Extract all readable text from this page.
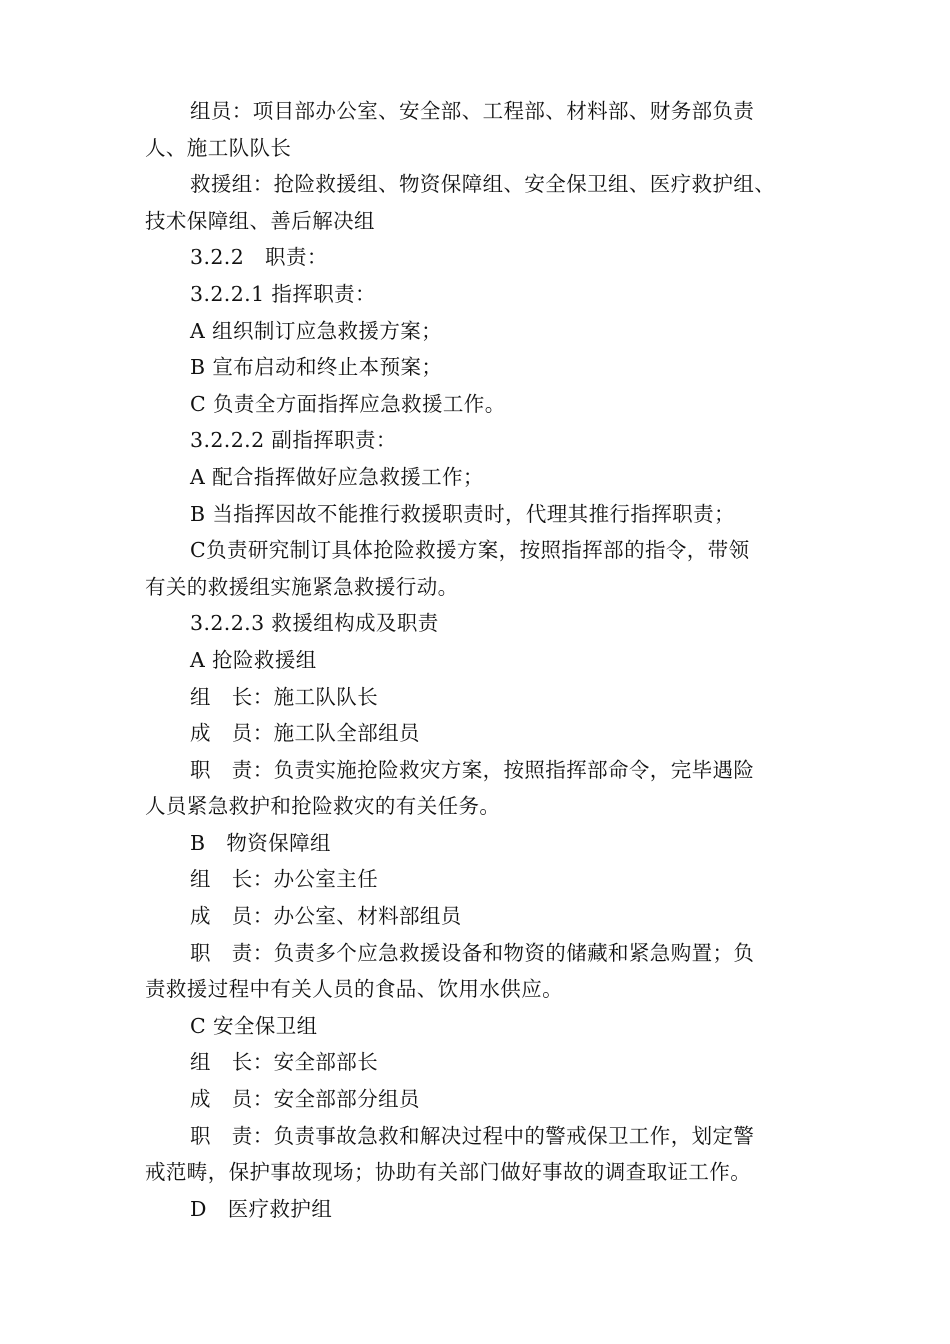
组员：项目部办公室、安全部、工程部、材料部、财务部负责
人、施工队队长
救援组：抢险救援组、物资保障组、安全保卫组、医疗救护组、
技术保障组、善后解决组
3.2.2　职责：
3.2.2.1 指挥职责：
A 组织制订应急救援方案；
B 宣布启动和终止本预案；
C 负责全方面指挥应急救援工作。
3.2.2.2 副指挥职责：
A 配合指挥做好应急救援工作；
B 当指挥因故不能推行救援职责时，代理其推行指挥职责；
C负责研究制订具体抢险救援方案，按照指挥部的指令，带领
有关的救援组实施紧急救援行动。
3.2.2.3 救援组构成及职责
A 抢险救援组
组　长：施工队队长
成　员：施工队全部组员
职　责：负责实施抢险救灾方案，按照指挥部命令，完毕遇险
人员紧急救护和抢险救灾的有关任务。
B　物资保障组
组　长：办公室主任
成　员：办公室、材料部组员
职　责：负责多个应急救援设备和物资的储藏和紧急购置；负
责救援过程中有关人员的食品、饮用水供应。
C 安全保卫组
组　长：安全部部长
成　员：安全部部分组员
职　责：负责事故急救和解决过程中的警戒保卫工作，划定警
戒范畴，保护事故现场；协助有关部门做好事故的调查取证工作。
D　医疗救护组
